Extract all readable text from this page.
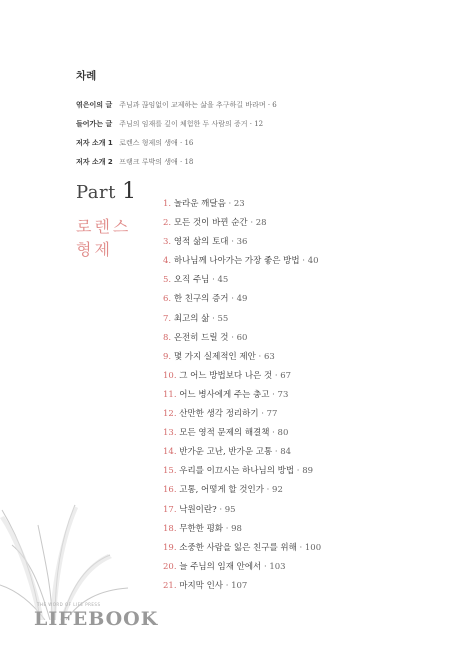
차례
엮은이의 글 주님과 끊임없이 교제하는 삶을 추구하길 바라며 · 6
들어가는 글 주님의 임재를 깊이 체험한 두 사람의 증거 · 12
저자 소개 1 로렌스 형제의 생애 · 16
저자 소개 2 프랭크 루박의 생애 · 18
Part 1
로렌스
형제
1. 놀라운 깨달음 · 23
2. 모든 것이 바뀐 순간 · 28
3. 영적 삶의 토대 · 36
4. 하나님께 나아가는 가장 좋은 방법 · 40
5. 오직 주님 · 45
6. 한 친구의 증거 · 49
7. 최고의 삶 · 55
8. 온전히 드릴 것 · 60
9. 몇 가지 실제적인 제안 · 63
10. 그 어느 방법보다 나은 것 · 67
11. 어느 병사에게 주는 충고 · 73
12. 산만한 생각 정리하기 · 77
13. 모든 영적 문제의 해결책 · 80
14. 반가운 고난, 반가운 고통 · 84
15. 우리를 이끄시는 하나님의 방법 · 89
16. 고통, 어떻게 할 것인가 · 92
17. 낙원이란? · 95
18. 무한한 평화 · 98
19. 소중한 사람을 잃은 친구를 위해 · 100
20. 늘 주님의 임재 안에서 · 103
21. 마지막 인사 · 107
THE WORD OF LIFE PRESS
LIFEBOOK
